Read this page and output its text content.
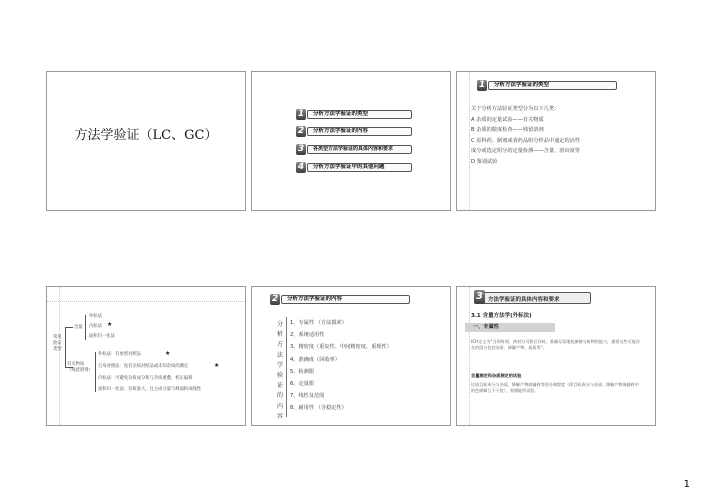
方法学验证（LC、GC）
1	分析方法学验证的类型
2	分析方法学验证的内容
3	各类型方法学验证的具体内容和要求
4	分析方法学验证中的其他问题
1	分析方法学验证的类型
关于分析方法验证类型分为以下几类：
A 杂质的定量试验——有关物质
B 杂质的限度检查——残留溶剂
C 原料药、制剂或者药品组分样品中通定的活性
成分或选定组分的定量检测——含量、溶出度等
D 鉴别试验
常用
验证
类型
含量
外标法
内标法 ★
面积归一化法
有关物质
（残留溶剂）
外标法：有参照对照品	★
自身对照法：没有杂质对照品或未知杂质的测定	★
内标法：可避免杂质成分和与杂质重叠，校正偏移
面积归一化法：杂质量大，且主成分量与峰面积成线性
2	分析方法学验证的内容
分
析
方
法
学
验
证
的
内
容
1、专属性 （方法摸索）
2、系统适用性
3、精密度（重复性、中间精密度、重现性）
4、准确度（回收率）
5、检测限
6、定量限
7、线性及范围
8、耐用性 （含稳定性）
3 方法学验证的具体内容和要求
3.1 含量方法学(外标法)
一、专属性
ICH定义为“当即时间、药材分可影后存时，准确无误地检测被分析物的能力，通常这些可能存在的组分包括杂质、降解产物、基质等”。
含量测定和杂质测定的试验
比较目标成分与杂质、降解产物或辅料等的分离程度（即目标成分与杂质、降解产物或辅料中的色谱峰互不干扰），须测能所试验。
1
